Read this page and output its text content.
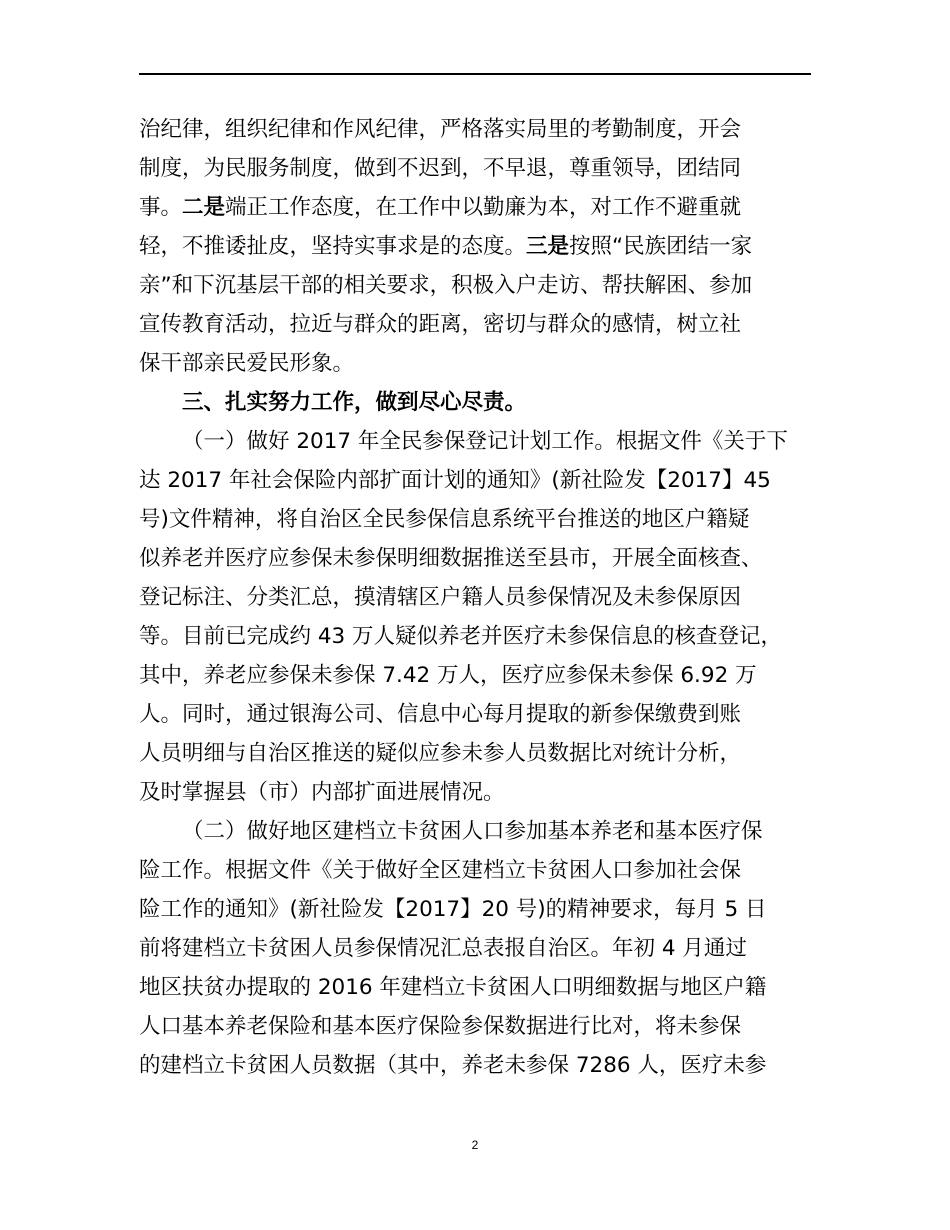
治纪律，组织纪律和作风纪律，严格落实局里的考勤制度，开会
制度，为民服务制度，做到不迟到，不早退，尊重领导，团结同
事。二是端正工作态度，在工作中以勤廉为本，对工作不避重就
轻，不推诿扯皮，坚持实事求是的态度。三是按照“民族团结一家
亲”和下沉基层干部的相关要求，积极入户走访、帮扶解困、参加
宣传教育活动，拉近与群众的距离，密切与群众的感情，树立社
保干部亲民爱民形象。
三、扎实努力工作，做到尽心尽责。
（一）做好 2017 年全民参保登记计划工作。根据文件《关于下
达 2017 年社会保险内部扩面计划的通知》(新社险发【2017】45
号)文件精神，将自治区全民参保信息系统平台推送的地区户籍疑
似养老并医疗应参保未参保明细数据推送至县市，开展全面核查、
登记标注、分类汇总，摸清辖区户籍人员参保情况及未参保原因
等。目前已完成约 43 万人疑似养老并医疗未参保信息的核查登记，
其中，养老应参保未参保 7.42 万人，医疗应参保未参保 6.92 万
人。同时，通过银海公司、信息中心每月提取的新参保缴费到账
人员明细与自治区推送的疑似应参未参人员数据比对统计分析，
及时掌握县（市）内部扩面进展情况。
（二）做好地区建档立卡贫困人口参加基本养老和基本医疗保
险工作。根据文件《关于做好全区建档立卡贫困人口参加社会保
险工作的通知》(新社险发【2017】20 号)的精神要求，每月 5 日
前将建档立卡贫困人员参保情况汇总表报自治区。年初 4 月通过
地区扶贫办提取的 2016 年建档立卡贫困人口明细数据与地区户籍
人口基本养老保险和基本医疗保险参保数据进行比对，将未参保
的建档立卡贫困人员数据（其中，养老未参保 7286 人，医疗未参
2
